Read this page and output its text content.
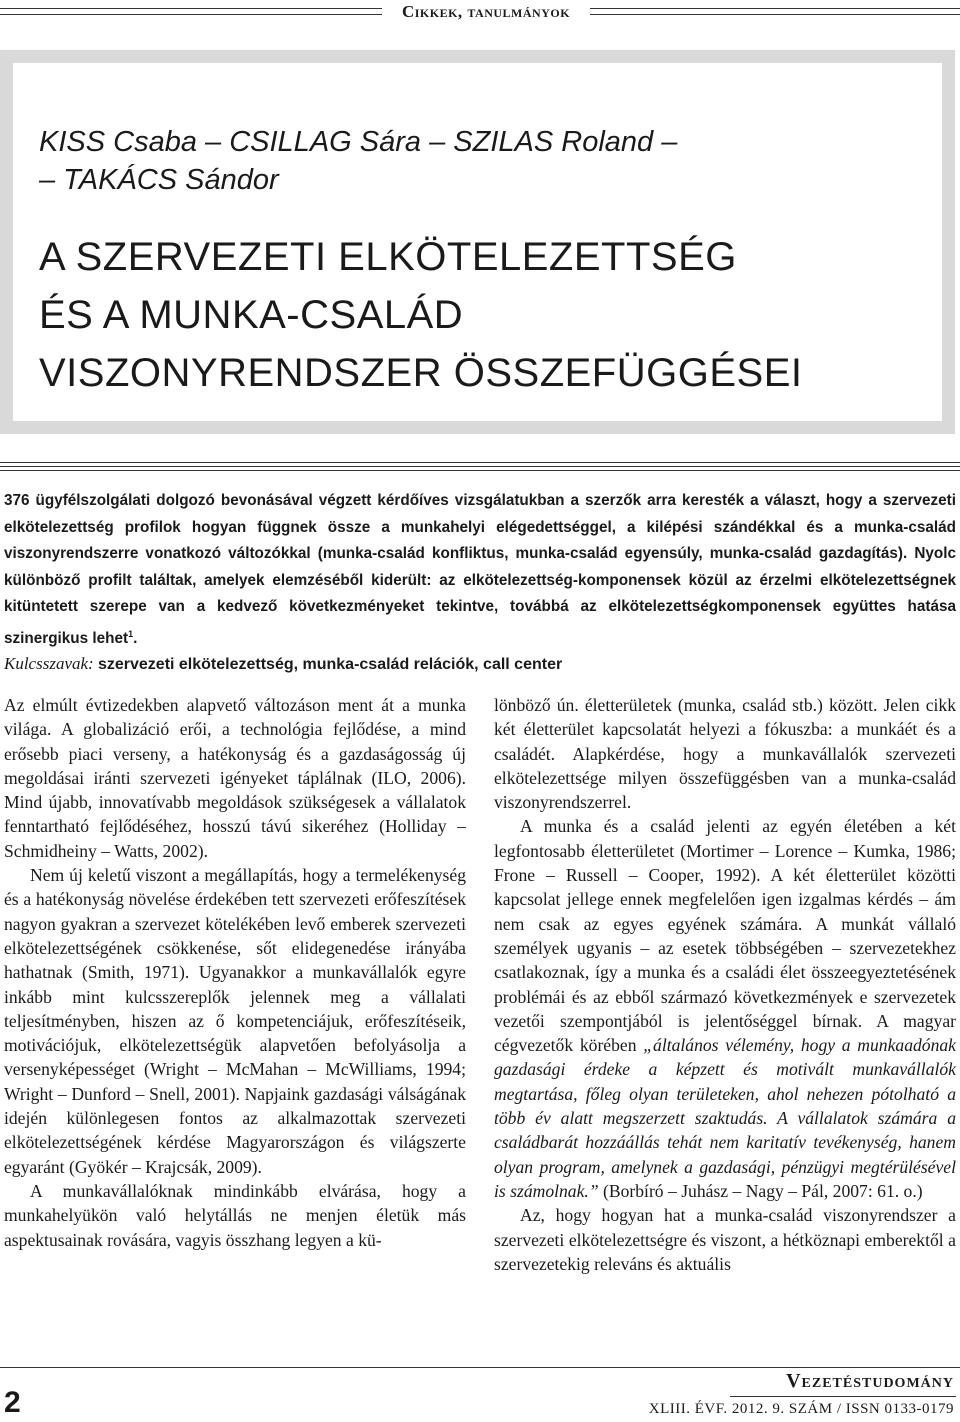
Cikkek, tanulmányok
KISS Csaba – CSILLAG Sára – SZILAS Roland –
– TAKÁCS Sándor
A SZERVEZETI ELKÖTELEZETTSÉG
ÉS A MUNKA-CSALÁD
VISZONYRENDSZER ÖSSZEFÜGGÉSEI

376 ügyfélszolgálati dolgozó bevonásával végzett kérdőíves vizsgálatukban a szerzők arra keresték a választ, hogy a szervezeti elkötelezettség profilok hogyan függnek össze a munkahelyi elégedettséggel, a kilépési szándékkal és a munka-család viszonyrendszerre vonatkozó változókkal (munka-család konfliktus, munka-család egyensúly, munka-család gazdagítás). Nyolc különböző profilt találtak, amelyek elemzéséből kiderült: az elkötelezettség-komponensek közül az érzelmi elkötelezettségnek kitüntetett szerepe van a kedvező következményeket tekintve, továbbá az elkötelezettségkomponensek együttes hatása szinergikus lehet$^1$.

Kulcsszavak: szervezeti elkötelezettség, munka-család relációk, call center

Az elmúlt évtizedekben alapvető változáson ment át a munka világa. A globalizáció erői, a technológia fejlődése, a mind erősebb piaci verseny, a hatékonyság és a gazdaságosság új megoldásai iránti szervezeti igényeket táplálnak (ILO, 2006). Mind újabb, innovatívabb megoldások szükségesek a vállalatok fenntartható fejlődéséhez, hosszú távú sikeréhez (Holliday – Schmidheiny – Watts, 2002).

Nem új keletű viszont a megállapítás, hogy a termelékenység és a hatékonyság növelése érdekében tett szervezeti erőfeszítések nagyon gyakran a szervezet kötelékében levő emberek szervezeti elkötelezettségének csökkenése, sőt elidegenedése irányába hathatnak (Smith, 1971). Ugyanakkor a munkavállalók egyre inkább mint kulcsszereplők jelennek meg a vállalati teljesítményben, hiszen az ő kompetenciájuk, erőfeszítéseik, motivációjuk, elkötelezettségük alapvetően befolyásolja a versenyképességet (Wright – McMahan – McWilliams, 1994; Wright – Dunford – Snell, 2001). Napjaink gazdasági válságának idején különlegesen fontos az alkalmazottak szervezeti elkötelezettségének kérdése Magyarországon és világszerte egyaránt (Gyökér – Krajcsák, 2009).

A munkavállalóknak mindinkább elvárása, hogy a munkahelyükön való helytállás ne menjen életük más aspektusainak rovására, vagyis összhang legyen a kü-

lönböző ún. életterületek (munka, család stb.) között. Jelen cikk két életterület kapcsolatát helyezi a fókuszba: a munkáét és a családét. Alapkérdése, hogy a munkavállalók szervezeti elkötelezettsége milyen összefüggésben van a munka-család viszonyrendszerrel.

A munka és a család jelenti az egyén életében a két legfontosabb életterületet (Mortimer – Lorence – Kumka, 1986; Frone – Russell – Cooper, 1992). A két életterület közötti kapcsolat jellege ennek megfelelően igen izgalmas kérdés – ám nem csak az egyes egyének számára. A munkát vállaló személyek ugyanis – az esetek többségében – szervezetekhez csatlakoznak, így a munka és a családi élet összeegyeztetésének problémái és az ebből származó következmények e szervezetek vezetői szempontjából is jelentőséggel bírnak. A magyar cégvezetők körében „általános vélemény, hogy a munkaadónak gazdasági érdeke a képzett és motivált munkavállalók megtartása, főleg olyan területeken, ahol nehezen pótolható a több év alatt megszerzett szaktudás. A vállalatok számára a családbarát hozzáállás tehát nem karitatív tevékenység, hanem olyan program, amelynek a gazdasági, pénzügyi megtérülésével is számolnak.” (Borbíró – Juhász – Nagy – Pál, 2007: 61. o.)

Az, hogy hogyan hat a munka-család viszonyrendszer a szervezeti elkötelezettségre és viszont, a hétköznapi emberektől a szervezetekig releváns és aktuális

2
Vezetéstudomány
XLIII. ÉVF. 2012. 9. SZÁM / ISSN 0133-0179
